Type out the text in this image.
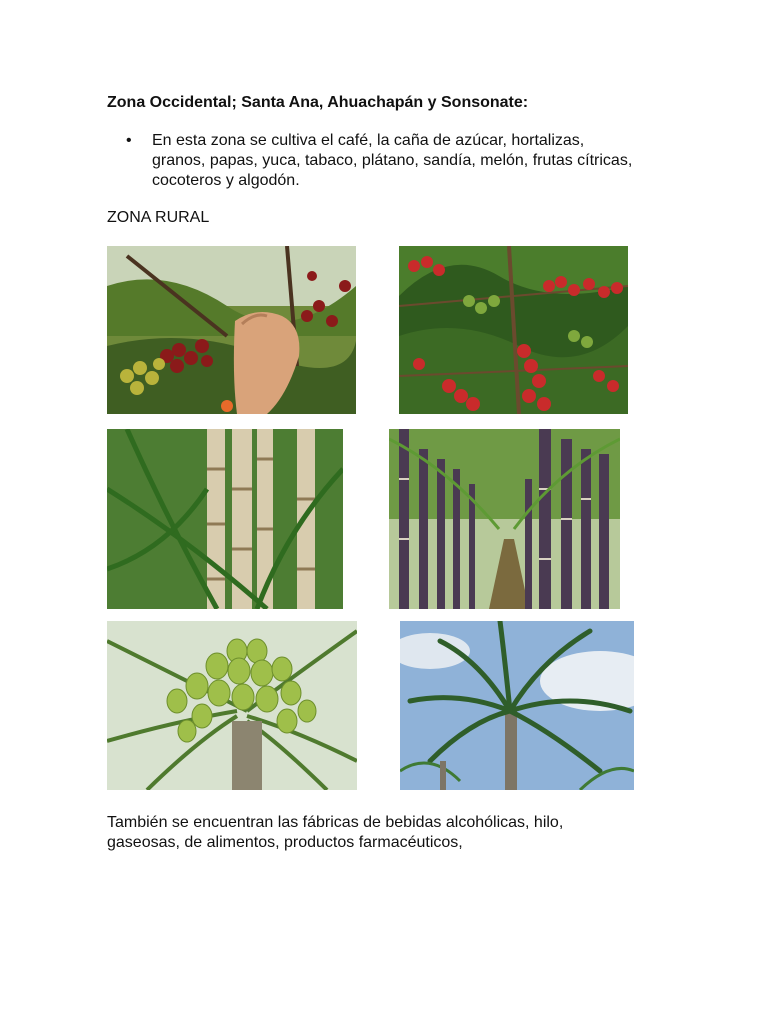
Zona Occidental; Santa Ana, Ahuachapán y Sonsonate:
• En esta zona se cultiva el café, la caña de azúcar, hortalizas,
granos, papas, yuca, tabaco, plátano, sandía, melón, frutas cítricas,
cocoteros y algodón.
ZONA RURAL
También se encuentran las fábricas de bebidas alcohólicas, hilo,
gaseosas, de alimentos, productos farmacéuticos,
